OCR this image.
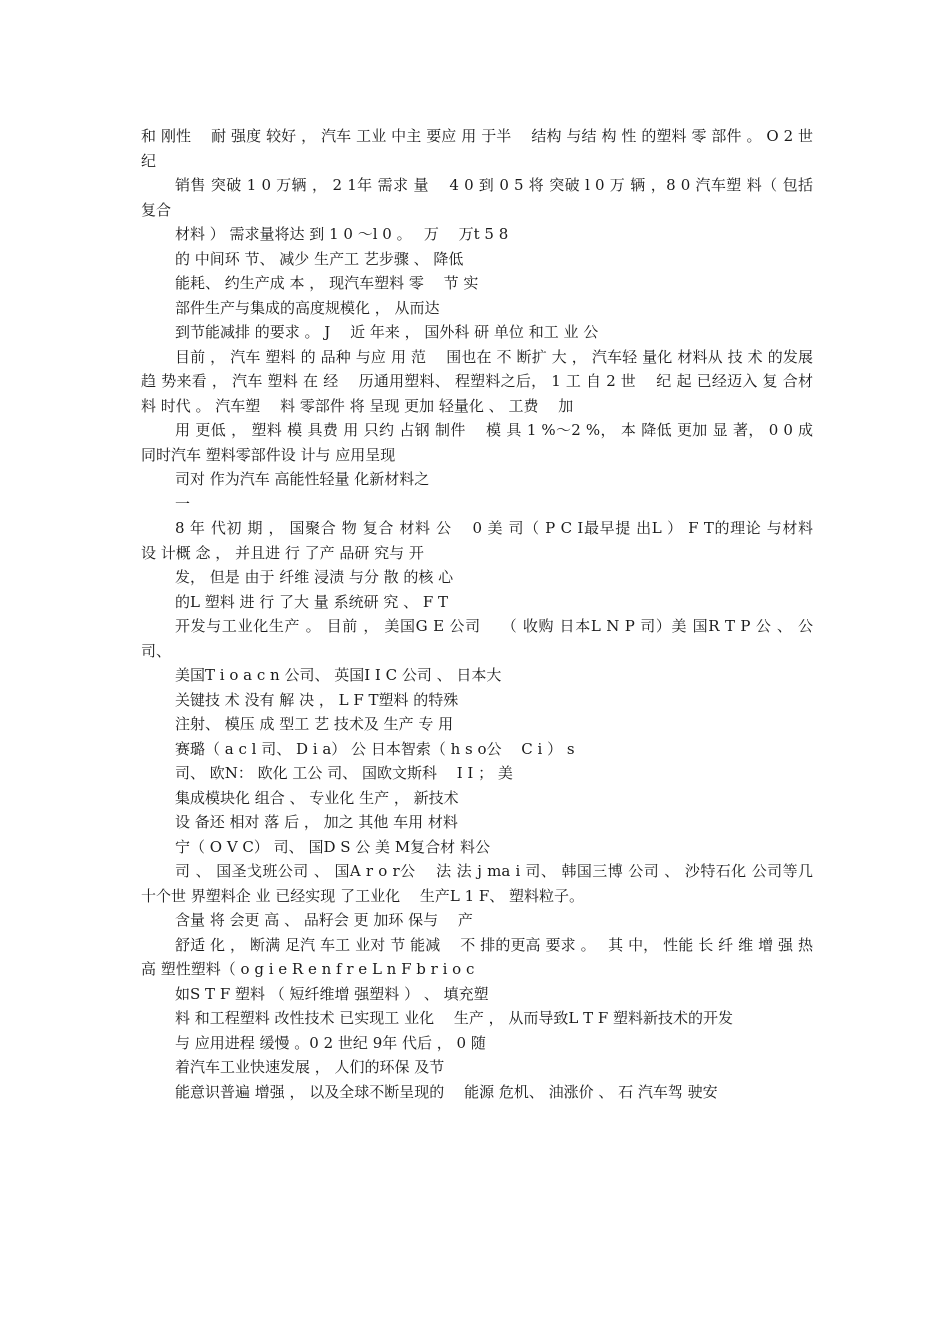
和 刚性　 耐 强度 较好 ， 汽车 工业 中主 要应 用 于半　 结构 与结 构 性 的塑料 零 部件 。 O 2 世纪

销售 突破 1 0 万辆 ， 2 1年 需求 量　 4 0 到 0 5 将 突破 l 0 万 辆 ，8 0 汽车塑 料（ 包括 复合

材料 ） 需求量将达 到 1 0 ～l 0 。　 万　 万t 5 8

的 中间环 节、 减少 生产工 艺步骤 、 降低

能耗、 约生产成 本 ， 现汽车塑料 零　 节 实

部件生产与集成的高度规模化 ， 从而达

到节能减排 的要求 。 J　 近 年来 ， 国外科 研 单位 和工 业 公

目前 ， 汽车 塑料 的 品种 与应 用 范　 围也在 不 断扩 大 ， 汽车轻 量化 材料从 技 术 的发展趋 势来看 ， 汽车 塑料 在 经　 历通用塑料、 程塑料之后， 1 工 自 2 世　 纪 起 已经迈入 复 合材 料 时代 。 汽车塑　 料 零部件 将 呈现 更加 轻量化 、 工费　 加

用 更低 ， 塑料 模 具费 用 只约 占钢 制件　 模 具 1 %～2 %， 本 降低 更加 显 著， 0 0 成　 同时汽车 塑料零部件设 计与 应用呈现

司对 作为汽车 高能性轻量 化新材料之

一

8 年 代初 期 ， 国聚合 物 复合 材料 公　 0 美 司（ P C I最早提 出L ） F T的理论 与材料　 设 计概 念 ， 并且进 行 了产 品研 究与 开

发， 但是 由于 纤维 浸渍 与分 散 的核 心

的L 塑料 进 行 了大 量 系统研 究 、 F T

开发与工业化生产 。 目前 ， 美国G E 公司　 （ 收购 日本L N P 司）美 国R T P 公 、 公司、

美国T i o a c n 公司、 英国I I C 公司 、 日本大

关键技 术 没有 解 决 ， L F T塑料 的特殊

注射、 模压 成 型工 艺 技术及 生产 专 用

赛璐（ a c l 司、 D i a） 公 日本智索（ h s o公　 C i ） s

司、 欧N： 欧化 工公 司、 国欧文斯科　 I I ； 美

集成模块化 组合 、 专业化 生产 ， 新技术

设 备还 相对 落 后 ， 加之 其他 车用 材料

宁（ O V C） 司、 国D S 公 美 M复合材 料公

司 、 国圣戈班公司 、 国A r o r公　 法 法 j ma i 司、 韩国三博 公司 、 沙特石化 公司等几　 十个世 界塑料企 业 已经实现 了工业化　 生产L 1 F、 塑料粒子。

含量 将 会更 高 、 品籽会 更 加环 保与　 产

舒适 化 ， 断满 足汽 车工 业对 节 能减　 不 排的更高 要求 。　 其 中， 性能 长 纤 维 增 强 热　 高 塑性塑料（ o g i e R e n f r e L n F b r i o c

如S T F 塑料 （ 短纤维增 强塑料 ） 、 填充塑

料 和工程塑料 改性技术 已实现工 业化　 生产 ， 从而导致L T F 塑料新技术的开发

与 应用进程 缓慢 。0 2 世纪 9年 代后 ， 0 随

着汽车工业快速发展 ， 人们的环保 及节

能意识普遍 增强 ， 以及全球不断呈现的　 能源 危机、 油涨价 、 石 汽车驾 驶安
